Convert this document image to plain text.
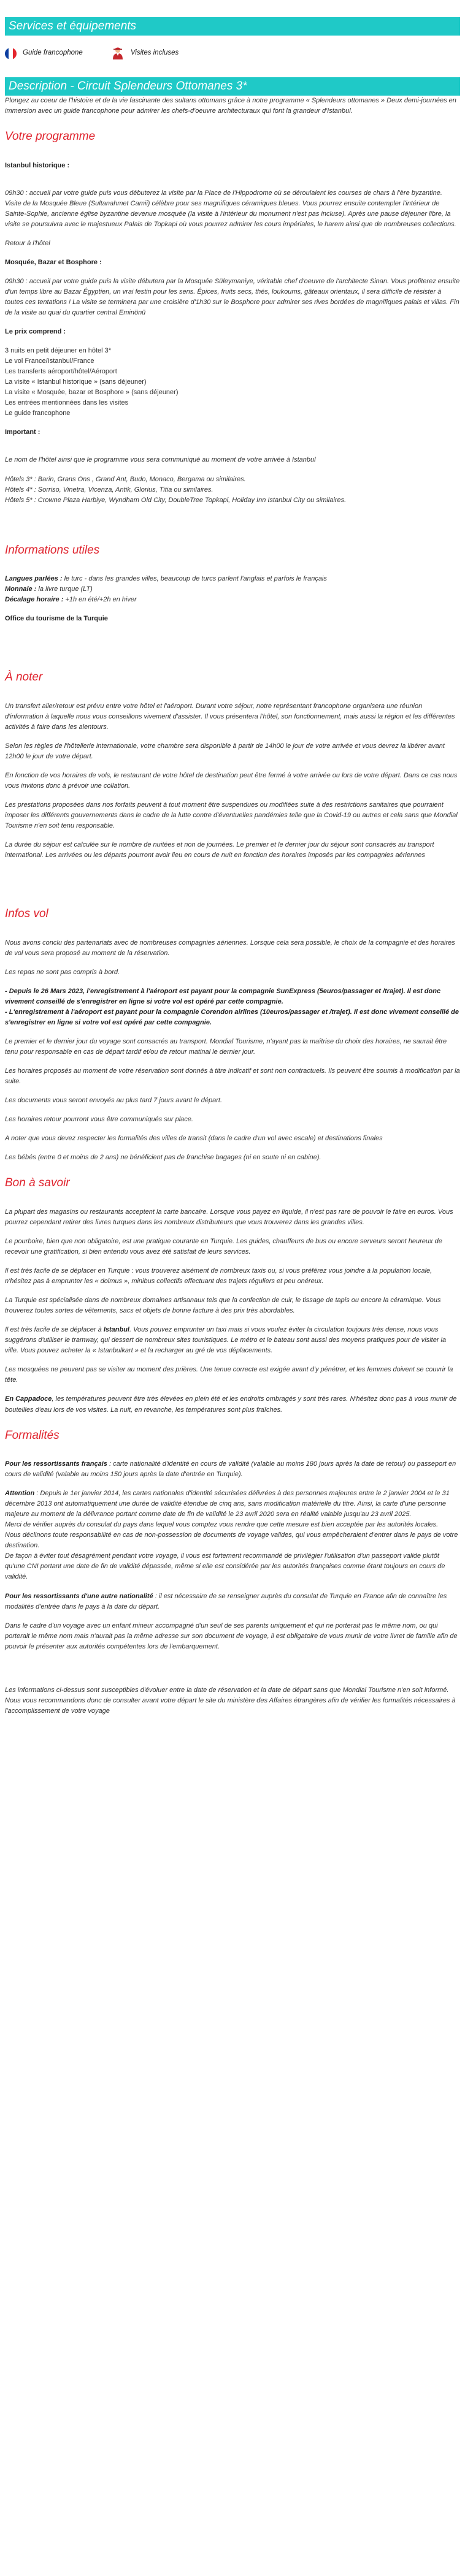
Services et équipements
Guide francophone	Visites incluses
Description - Circuit Splendeurs Ottomanes 3*

Plongez au coeur de l'histoire et de la vie fascinante des sultans ottomans grâce à notre programme « Splendeurs ottomanes » Deux demi-journées en immersion avec un guide francophone pour admirer les chefs-d'oeuvre architecturaux qui font la grandeur d'Istanbul.

Votre programme

Istanbul historique :

09h30 : accueil par votre guide puis vous débuterez la visite par la Place de l'Hippodrome où se déroulaient les courses de chars à l'ère byzantine. Visite de la Mosquée Bleue (Sultanahmet Camii) célèbre pour ses magnifiques céramiques bleues. Vous pourrez ensuite contempler l'intérieur de Sainte-Sophie, ancienne église byzantine devenue mosquée (la visite à l'intérieur du monument n'est pas incluse). Après une pause déjeuner libre, la visite se poursuivra avec le majestueux Palais de Topkapi où vous pourrez admirer les cours impériales, le harem ainsi que de nombreuses collections.

Retour à l'hôtel

Mosquée, Bazar et Bosphore :

09h30 : accueil par votre guide puis la visite débutera par la Mosquée Süleymaniye, véritable chef d'oeuvre de l'architecte Sinan. Vous profiterez ensuite d'un temps libre au Bazar Égyptien, un vrai festin pour les sens. Épices, fruits secs, thés, loukoums, gâteaux orientaux, il sera difficile de résister à toutes ces tentations ! La visite se terminera par une croisière d'1h30 sur le Bosphore pour admirer ses rives bordées de magnifiques palais et villas. Fin de la visite au quai du quartier central Eminönü

Le prix comprend :

3 nuits en petit déjeuner en hôtel 3*

Le vol France/Istanbul/France

Les transferts aéroport/hôtel/Aéroport

La visite « Istanbul historique » (sans déjeuner)

La visite « Mosquée, bazar et Bosphore » (sans déjeuner)

Les entrées mentionnées dans les visites

Le guide francophone

Important :

Le nom de l'hôtel ainsi que le programme vous sera communiqué au moment de votre arrivée à Istanbul

Hôtels 3* : Barin, Grans Ons , Grand Ant, Budo, Monaco, Bergama ou similaires.

Hôtels 4* : Sorriso, Vinetra, Vicenza, Antik, Glorius, Titia ou similaires.

Hôtels 5* : Crowne Plaza Harbiye, Wyndham Old City, DoubleTree Topkapi, Holiday Inn Istanbul City ou similaires.

Informations utiles

Langues parlées : le turc - dans les grandes villes, beaucoup de turcs parlent l'anglais et parfois le français

Monnaie : la livre turque (LT)

Décalage horaire : +1h en été/+2h en hiver

Office du tourisme de la Turquie

À noter

Un transfert aller/retour est prévu entre votre hôtel et l'aéroport. Durant votre séjour, notre représentant francophone organisera une réunion d'information à laquelle nous vous conseillons vivement d'assister. Il vous présentera l'hôtel, son fonctionnement, mais aussi la région et les différentes activités à faire dans les alentours.

Selon les règles de l'hôtellerie internationale, votre chambre sera disponible à partir de 14h00 le jour de votre arrivée et vous devrez la libérer avant 12h00 le jour de votre départ.

En fonction de vos horaires de vols, le restaurant de votre hôtel de destination peut être fermé à votre arrivée ou lors de votre départ. Dans ce cas nous vous invitons donc à prévoir une collation.

Les prestations proposées dans nos forfaits peuvent à tout moment être suspendues ou modifiées suite à des restrictions sanitaires que pourraient imposer les différents gouvernements dans le cadre de la lutte contre d'éventuelles pandémies telle que la Covid-19 ou autres et cela sans que Mondial Tourisme n'en soit tenu responsable.

La durée du séjour est calculée sur le nombre de nuitées et non de journées. Le premier et le dernier jour du séjour sont consacrés au transport international. Les arrivées ou les départs pourront avoir lieu en cours de nuit en fonction des horaires imposés par les compagnies aériennes

Infos vol

Nous avons conclu des partenariats avec de nombreuses compagnies aériennes. Lorsque cela sera possible, le choix de la compagnie et des horaires de vol vous sera proposé au moment de la réservation.

Les repas ne sont pas compris à bord.

- Depuis le 26 Mars 2023, l'enregistrement à l'aéroport est payant pour la compagnie SunExpress (5euros/passager et /trajet). Il est donc vivement conseillé de s'enregistrer en ligne si votre vol est opéré par cette compagnie.

- L'enregistrement à l'aéroport est payant pour la compagnie Corendon airlines (10euros/passager et /trajet). Il est donc vivement conseillé de s'enregistrer en ligne si votre vol est opéré par cette compagnie.

Le premier et le dernier jour du voyage sont consacrés au transport. Mondial Tourisme, n'ayant pas la maîtrise du choix des horaires, ne saurait être tenu pour responsable en cas de départ tardif et/ou de retour matinal le dernier jour.

Les horaires proposés au moment de votre réservation sont donnés à titre indicatif et sont non contractuels. Ils peuvent être soumis à modification par la suite.

Les documents vous seront envoyés au plus tard 7 jours avant le départ.

Les horaires retour pourront vous être communiqués sur place.

A noter que vous devez respecter les formalités des villes de transit (dans le cadre d'un vol avec escale) et destinations finales

Les bébés (entre 0 et moins de 2 ans) ne bénéficient pas de franchise bagages (ni en soute ni en cabine).

Bon à savoir

La plupart des magasins ou restaurants acceptent la carte bancaire. Lorsque vous payez en liquide, il n'est pas rare de pouvoir le faire en euros. Vous pourrez cependant retirer des livres turques dans les nombreux distributeurs que vous trouverez dans les grandes villes.

Le pourboire, bien que non obligatoire, est une pratique courante en Turquie. Les guides, chauffeurs de bus ou encore serveurs seront heureux de recevoir une gratification, si bien entendu vous avez été satisfait de leurs services.

Il est très facile de se déplacer en Turquie : vous trouverez aisément de nombreux taxis ou, si vous préférez vous joindre à la population locale, n'hésitez pas à emprunter les « dolmus », minibus collectifs effectuant des trajets réguliers et peu onéreux.

La Turquie est spécialisée dans de nombreux domaines artisanaux tels que la confection de cuir, le tissage de tapis ou encore la céramique. Vous trouverez toutes sortes de vêtements, sacs et objets de bonne facture à des prix très abordables.

Il est très facile de se déplacer à Istanbul. Vous pouvez emprunter un taxi mais si vous voulez éviter la circulation toujours très dense, nous vous suggérons d'utiliser le tramway, qui dessert de nombreux sites touristiques. Le métro et le bateau sont aussi des moyens pratiques pour de visiter la ville. Vous pouvez acheter la « Istanbulkart » et la recharger au gré de vos déplacements.

Les mosquées ne peuvent pas se visiter au moment des prières. Une tenue correcte est exigée avant d'y pénétrer, et les femmes doivent se couvrir la tête.

En Cappadoce, les températures peuvent être très élevées en plein été et les endroits ombragés y sont très rares. N'hésitez donc pas à vous munir de bouteilles d'eau lors de vos visites. La nuit, en revanche, les températures sont plus fraîches.

Formalités

Pour les ressortissants français : carte nationalité d'identité en cours de validité (valable au moins 180 jours après la date de retour) ou passeport en cours de validité (valable au moins 150 jours après la date d'entrée en Turquie).

Attention : Depuis le 1er janvier 2014, les cartes nationales d'identité sécurisées délivrées à des personnes majeures entre le 2 janvier 2004 et le 31 décembre 2013 ont automatiquement une durée de validité étendue de cinq ans, sans modification matérielle du titre. Ainsi, la carte d'une personne majeure au moment de la délivrance portant comme date de fin de validité le 23 avril 2020 sera en réalité valable jusqu'au 23 avril 2025.

Merci de vérifier auprès du consulat du pays dans lequel vous comptez vous rendre que cette mesure est bien acceptée par les autorités locales.

Nous déclinons toute responsabilité en cas de non-possession de documents de voyage valides, qui vous empêcheraient d'entrer dans le pays de votre destination.

De façon à éviter tout désagrément pendant votre voyage, il vous est fortement recommandé de privilégier l'utilisation d'un passeport valide plutôt qu'une CNI portant une date de fin de validité dépassée, même si elle est considérée par les autorités françaises comme étant toujours en cours de validité.

Pour les ressortissants d'une autre nationalité : il est nécessaire de se renseigner auprès du consulat de Turquie en France afin de connaître les modalités d'entrée dans le pays à la date du départ.

Dans le cadre d'un voyage avec un enfant mineur accompagné d'un seul de ses parents uniquement et qui ne porterait pas le même nom, ou qui porterait le même nom mais n'aurait pas la même adresse sur son document de voyage, il est obligatoire de vous munir de votre livret de famille afin de pouvoir le présenter aux autorités compétentes lors de l'embarquement.

Les informations ci-dessus sont susceptibles d'évoluer entre la date de réservation et la date de départ sans que Mondial Tourisme n'en soit informé. Nous vous recommandons donc de consulter avant votre départ le site du ministère des Affaires étrangères afin de vérifier les formalités nécessaires à l'accomplissement de votre voyage
